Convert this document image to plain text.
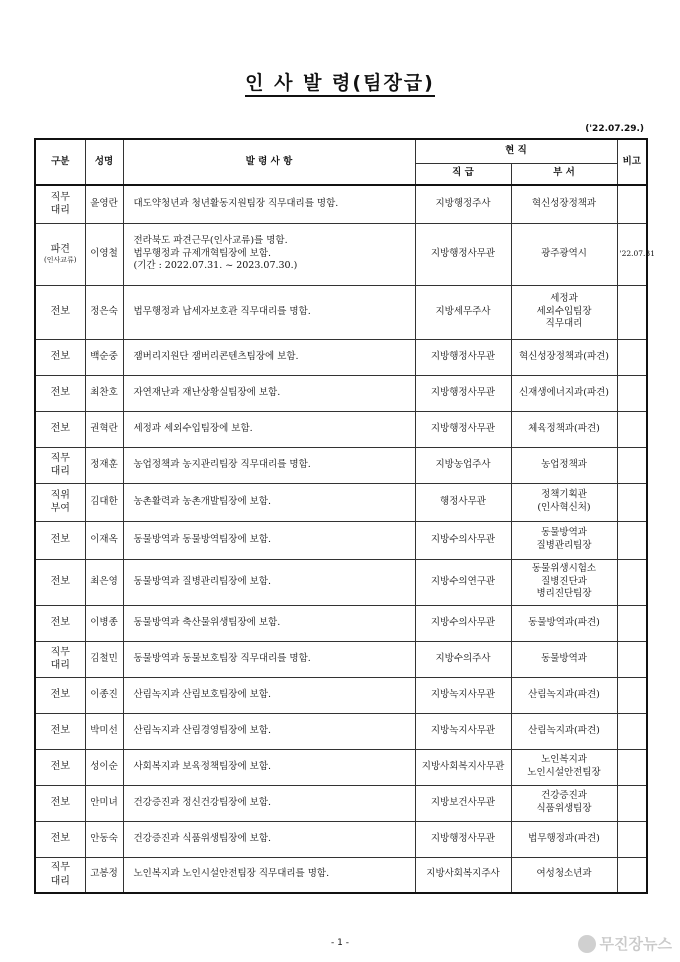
인 사 발 령(팀장급)
('22.07.29.)
구분	성명	발 령 사 항	현 직		비고
			직 급	부 서	
직무
대리	윤영란	대도약청년과 청년활동지원팀장 직무대리를 명함.	지방행정주사	혁신성장정책과	
파견
(인사교류)	이영철	전라북도 파견근무(인사교류)를 명함.
법무행정과 규제개혁팀장에 보함.
(기간 : 2022.07.31. ~ 2023.07.30.)	지방행정사무관	광주광역시	'22.07.31
전보	정은숙	법무행정과 납세자보호관 직무대리를 명함.	지방세무주사	세정과
세외수입팀장
직무대리	
전보	백순중	잼버리지원단 잼버리콘텐츠팀장에 보함.	지방행정사무관	혁신성장정책과(파견)	
전보	최찬호	자연재난과 재난상황실팀장에 보함.	지방행정사무관	신재생에너지과(파견)	
전보	권혁란	세정과 세외수입팀장에 보함.	지방행정사무관	체육정책과(파견)	
직무
대리	정재훈	농업정책과 농지관리팀장 직무대리를 명함.	지방농업주사	농업정책과	
직위
부여	김대한	농촌활력과 농촌개발팀장에 보함.	행정사무관	정책기획관
(인사혁신처)	
전보	이재옥	동물방역과 동물방역팀장에 보함.	지방수의사무관	동물방역과
질병관리팀장	
전보	최은영	동물방역과 질병관리팀장에 보함.	지방수의연구관	동물위생시험소
질병진단과
병리진단팀장	
전보	이병종	동물방역과 축산물위생팀장에 보함.	지방수의사무관	동물방역과(파견)	
직무
대리	김철민	동물방역과 동물보호팀장 직무대리를 명함.	지방수의주사	동물방역과	
전보	이종진	산림녹지과 산림보호팀장에 보함.	지방녹지사무관	산림녹지과(파견)	
전보	박미선	산림녹지과 산림경영팀장에 보함.	지방녹지사무관	산림녹지과(파견)	
전보	성이순	사회복지과 보육정책팀장에 보함.	지방사회복지사무관	노인복지과
노인시설안전팀장	
전보	안미녀	건강증진과 정신건강팀장에 보함.	지방보건사무관	건강증진과
식품위생팀장	
전보	안동숙	건강증진과 식품위생팀장에 보함.	지방행정사무관	법무행정과(파견)	
직무
대리	고봉정	노인복지과 노인시설안전팀장 직무대리를 명함.	지방사회복지주사	여성청소년과	
- 1 -	무진장뉴스
